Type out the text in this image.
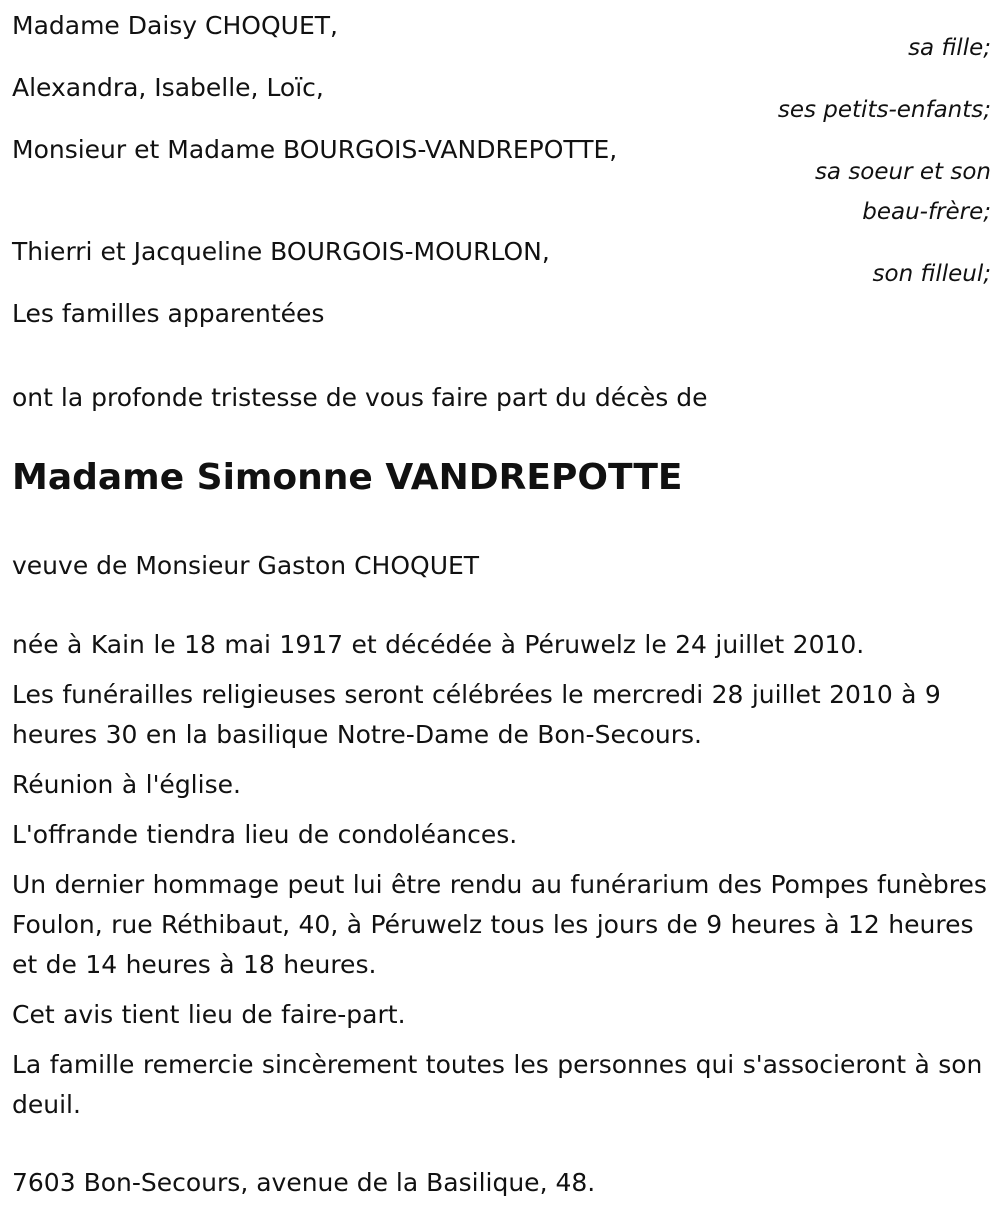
Madame Daisy CHOQUET,
sa fille;
Alexandra, Isabelle, Loïc,
ses petits-enfants;
Monsieur et Madame BOURGOIS-VANDREPOTTE,
sa soeur et son
beau-frère;
Thierri et Jacqueline BOURGOIS-MOURLON,
son filleul;
Les familles apparentées
ont la profonde tristesse de vous faire part du décès de
Madame Simonne VANDREPOTTE
veuve de Monsieur Gaston CHOQUET

née à Kain le 18 mai 1917 et décédée à Péruwelz le 24 juillet 2010.

Les funérailles religieuses seront célébrées le mercredi 28 juillet 2010 à 9 heures 30 en la basilique Notre-Dame de Bon-Secours.

Réunion à l'église.

L'offrande tiendra lieu de condoléances.

Un dernier hommage peut lui être rendu au funérarium des Pompes funèbres Foulon, rue Réthibaut, 40, à Péruwelz tous les jours de 9 heures à 12 heures et de 14 heures à 18 heures.

Cet avis tient lieu de faire-part.

La famille remercie sincèrement toutes les personnes qui s'associeront à son deuil.

7603 Bon-Secours, avenue de la Basilique, 48.
